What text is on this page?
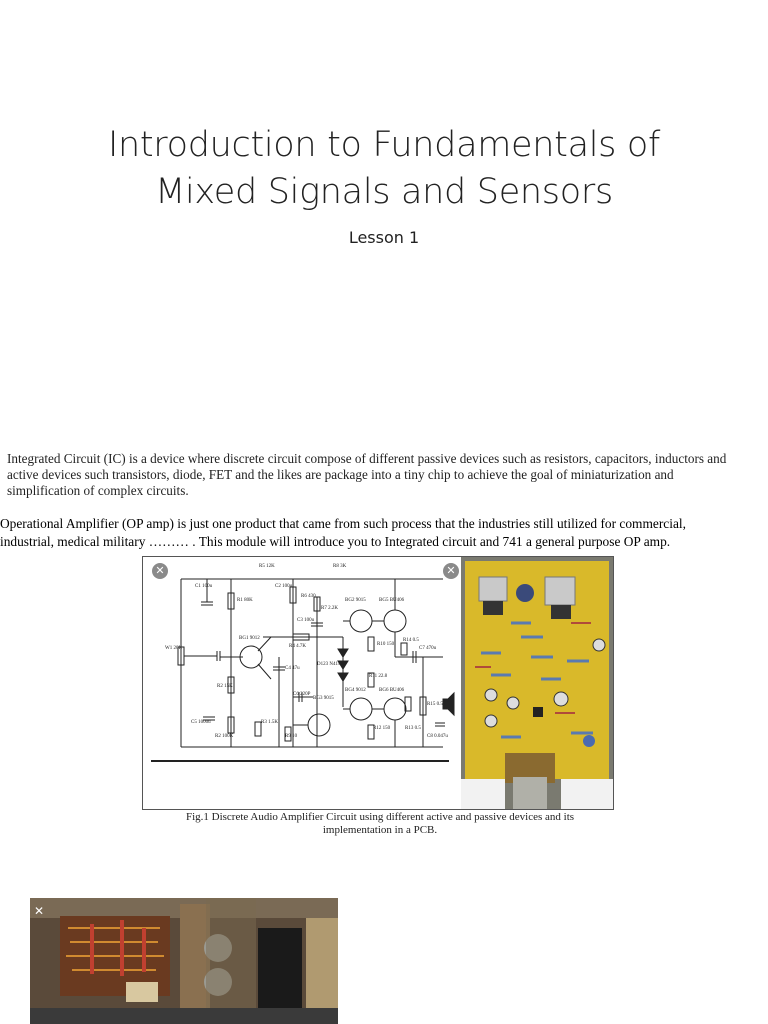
Introduction to Fundamentals of
Mixed Signals and Sensors
Lesson 1
Integrated Circuit (IC) is a device where discrete circuit compose of different passive devices such as resistors, capacitors, inductors and active devices such transistors, diode, FET and the likes are package into a tiny chip to achieve the goal of miniaturization and simplification of complex circuits.
Operational Amplifier (OP amp) is just one product that came from such process that the industries still utilized for commercial, industrial, medical military ……… . This module will introduce you to Integrated circuit and 741 a general purpose OP amp.
R5 12K	R8 3K
C1 100u	C2 100u
R1 80K
R6 430
R7 2.2K
C3 100u
BG2 9015	BG5 BU406
W1 20K
BG1 9012
R4 4.7K	R10 150
R14 0.5
C7 470u
C4 47u
D123 N4148
R11 22.8
R2 15K
C6 220P
BG3 9015
BG4 9012	BG6 BU406
R15 0.5
C5 1000u	R3 1.5K
R9 10
R12 150	R13 0.5
C8 0.047u
R2 100K
✕	✕
Fig.1 Discrete Audio Amplifier Circuit using different active and passive devices and its
implementation in a PCB.
✕
